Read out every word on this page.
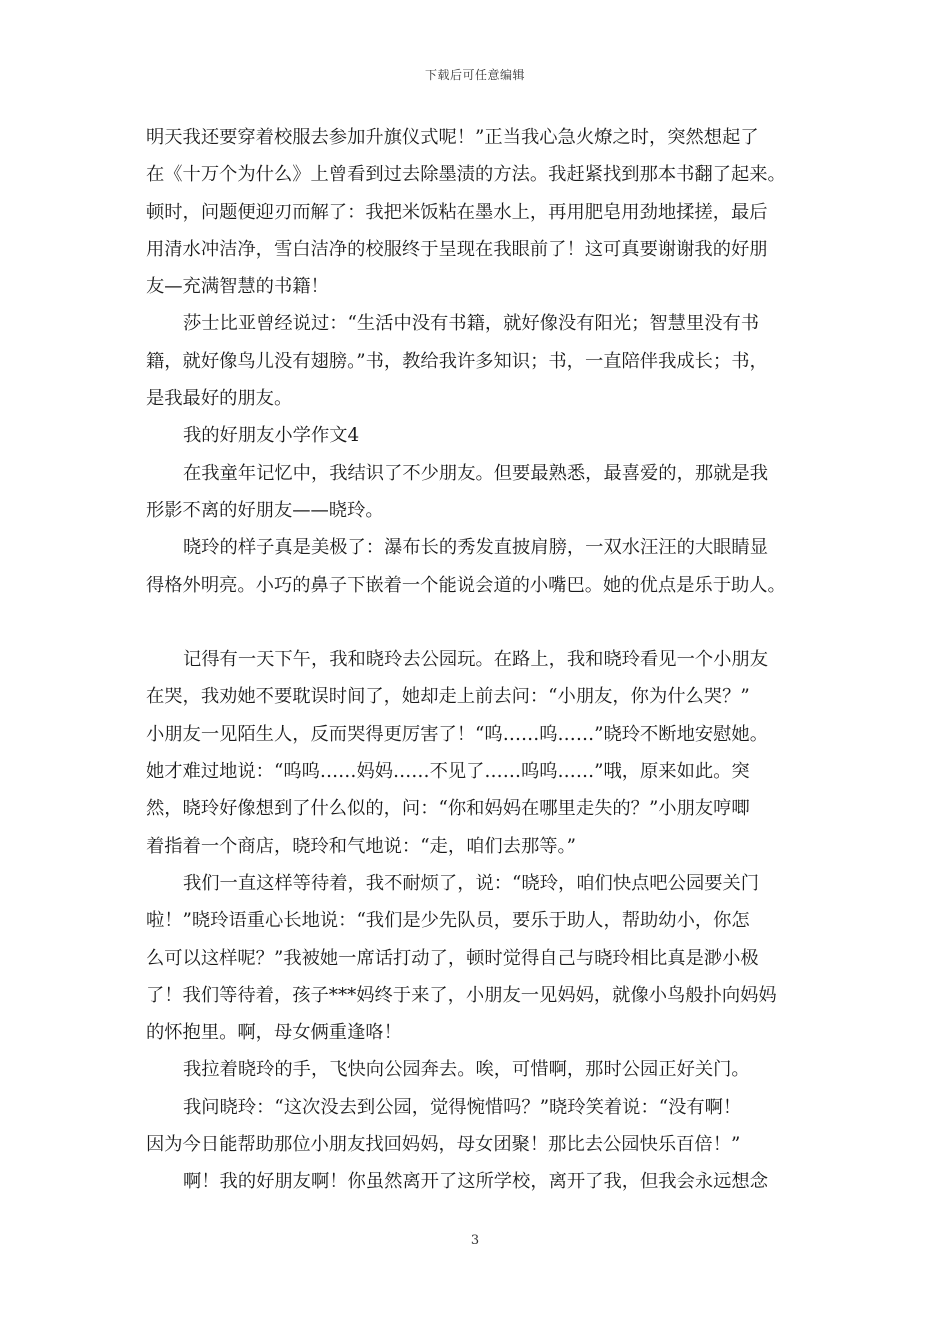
下载后可任意编辑
明天我还要穿着校服去参加升旗仪式呢！”正当我心急火燎之时，突然想起了
在《十万个为什么》上曾看到过去除墨渍的方法。我赶紧找到那本书翻了起来。
顿时，问题便迎刃而解了：我把米饭粘在墨水上，再用肥皂用劲地揉搓，最后
用清水冲洁净，雪白洁净的校服终于呈现在我眼前了！这可真要谢谢我的好朋
友—充满智慧的书籍！
莎士比亚曾经说过：“生活中没有书籍，就好像没有阳光；智慧里没有书
籍，就好像鸟儿没有翅膀。”书，教给我许多知识；书，一直陪伴我成长；书，
是我最好的朋友。
我的好朋友小学作文4
在我童年记忆中，我结识了不少朋友。但要最熟悉，最喜爱的，那就是我
形影不离的好朋友——晓玲。
晓玲的样子真是美极了：瀑布长的秀发直披肩膀，一双水汪汪的大眼睛显
得格外明亮。小巧的鼻子下嵌着一个能说会道的小嘴巴。她的优点是乐于助人。
记得有一天下午，我和晓玲去公园玩。在路上，我和晓玲看见一个小朋友
在哭，我劝她不要耽误时间了，她却走上前去问：“小朋友，你为什么哭？”
小朋友一见陌生人，反而哭得更厉害了！“呜……呜……”晓玲不断地安慰她。
她才难过地说：“呜呜……妈妈……不见了……呜呜……”哦，原来如此。突
然，晓玲好像想到了什么似的，问：“你和妈妈在哪里走失的？”小朋友哼唧
着指着一个商店，晓玲和气地说：“走，咱们去那等。”
我们一直这样等待着，我不耐烦了，说：“晓玲，咱们快点吧公园要关门
啦！”晓玲语重心长地说：“我们是少先队员，要乐于助人，帮助幼小，你怎
么可以这样呢？”我被她一席话打动了，顿时觉得自己与晓玲相比真是渺小极
了！我们等待着，孩子***妈终于来了，小朋友一见妈妈，就像小鸟般扑向妈妈
的怀抱里。啊，母女俩重逢咯！
我拉着晓玲的手，飞快向公园奔去。唉，可惜啊，那时公园正好关门。
我问晓玲：“这次没去到公园，觉得惋惜吗？”晓玲笑着说：“没有啊！
因为今日能帮助那位小朋友找回妈妈，母女团聚！那比去公园快乐百倍！”
啊！我的好朋友啊！你虽然离开了这所学校，离开了我，但我会永远想念
3
